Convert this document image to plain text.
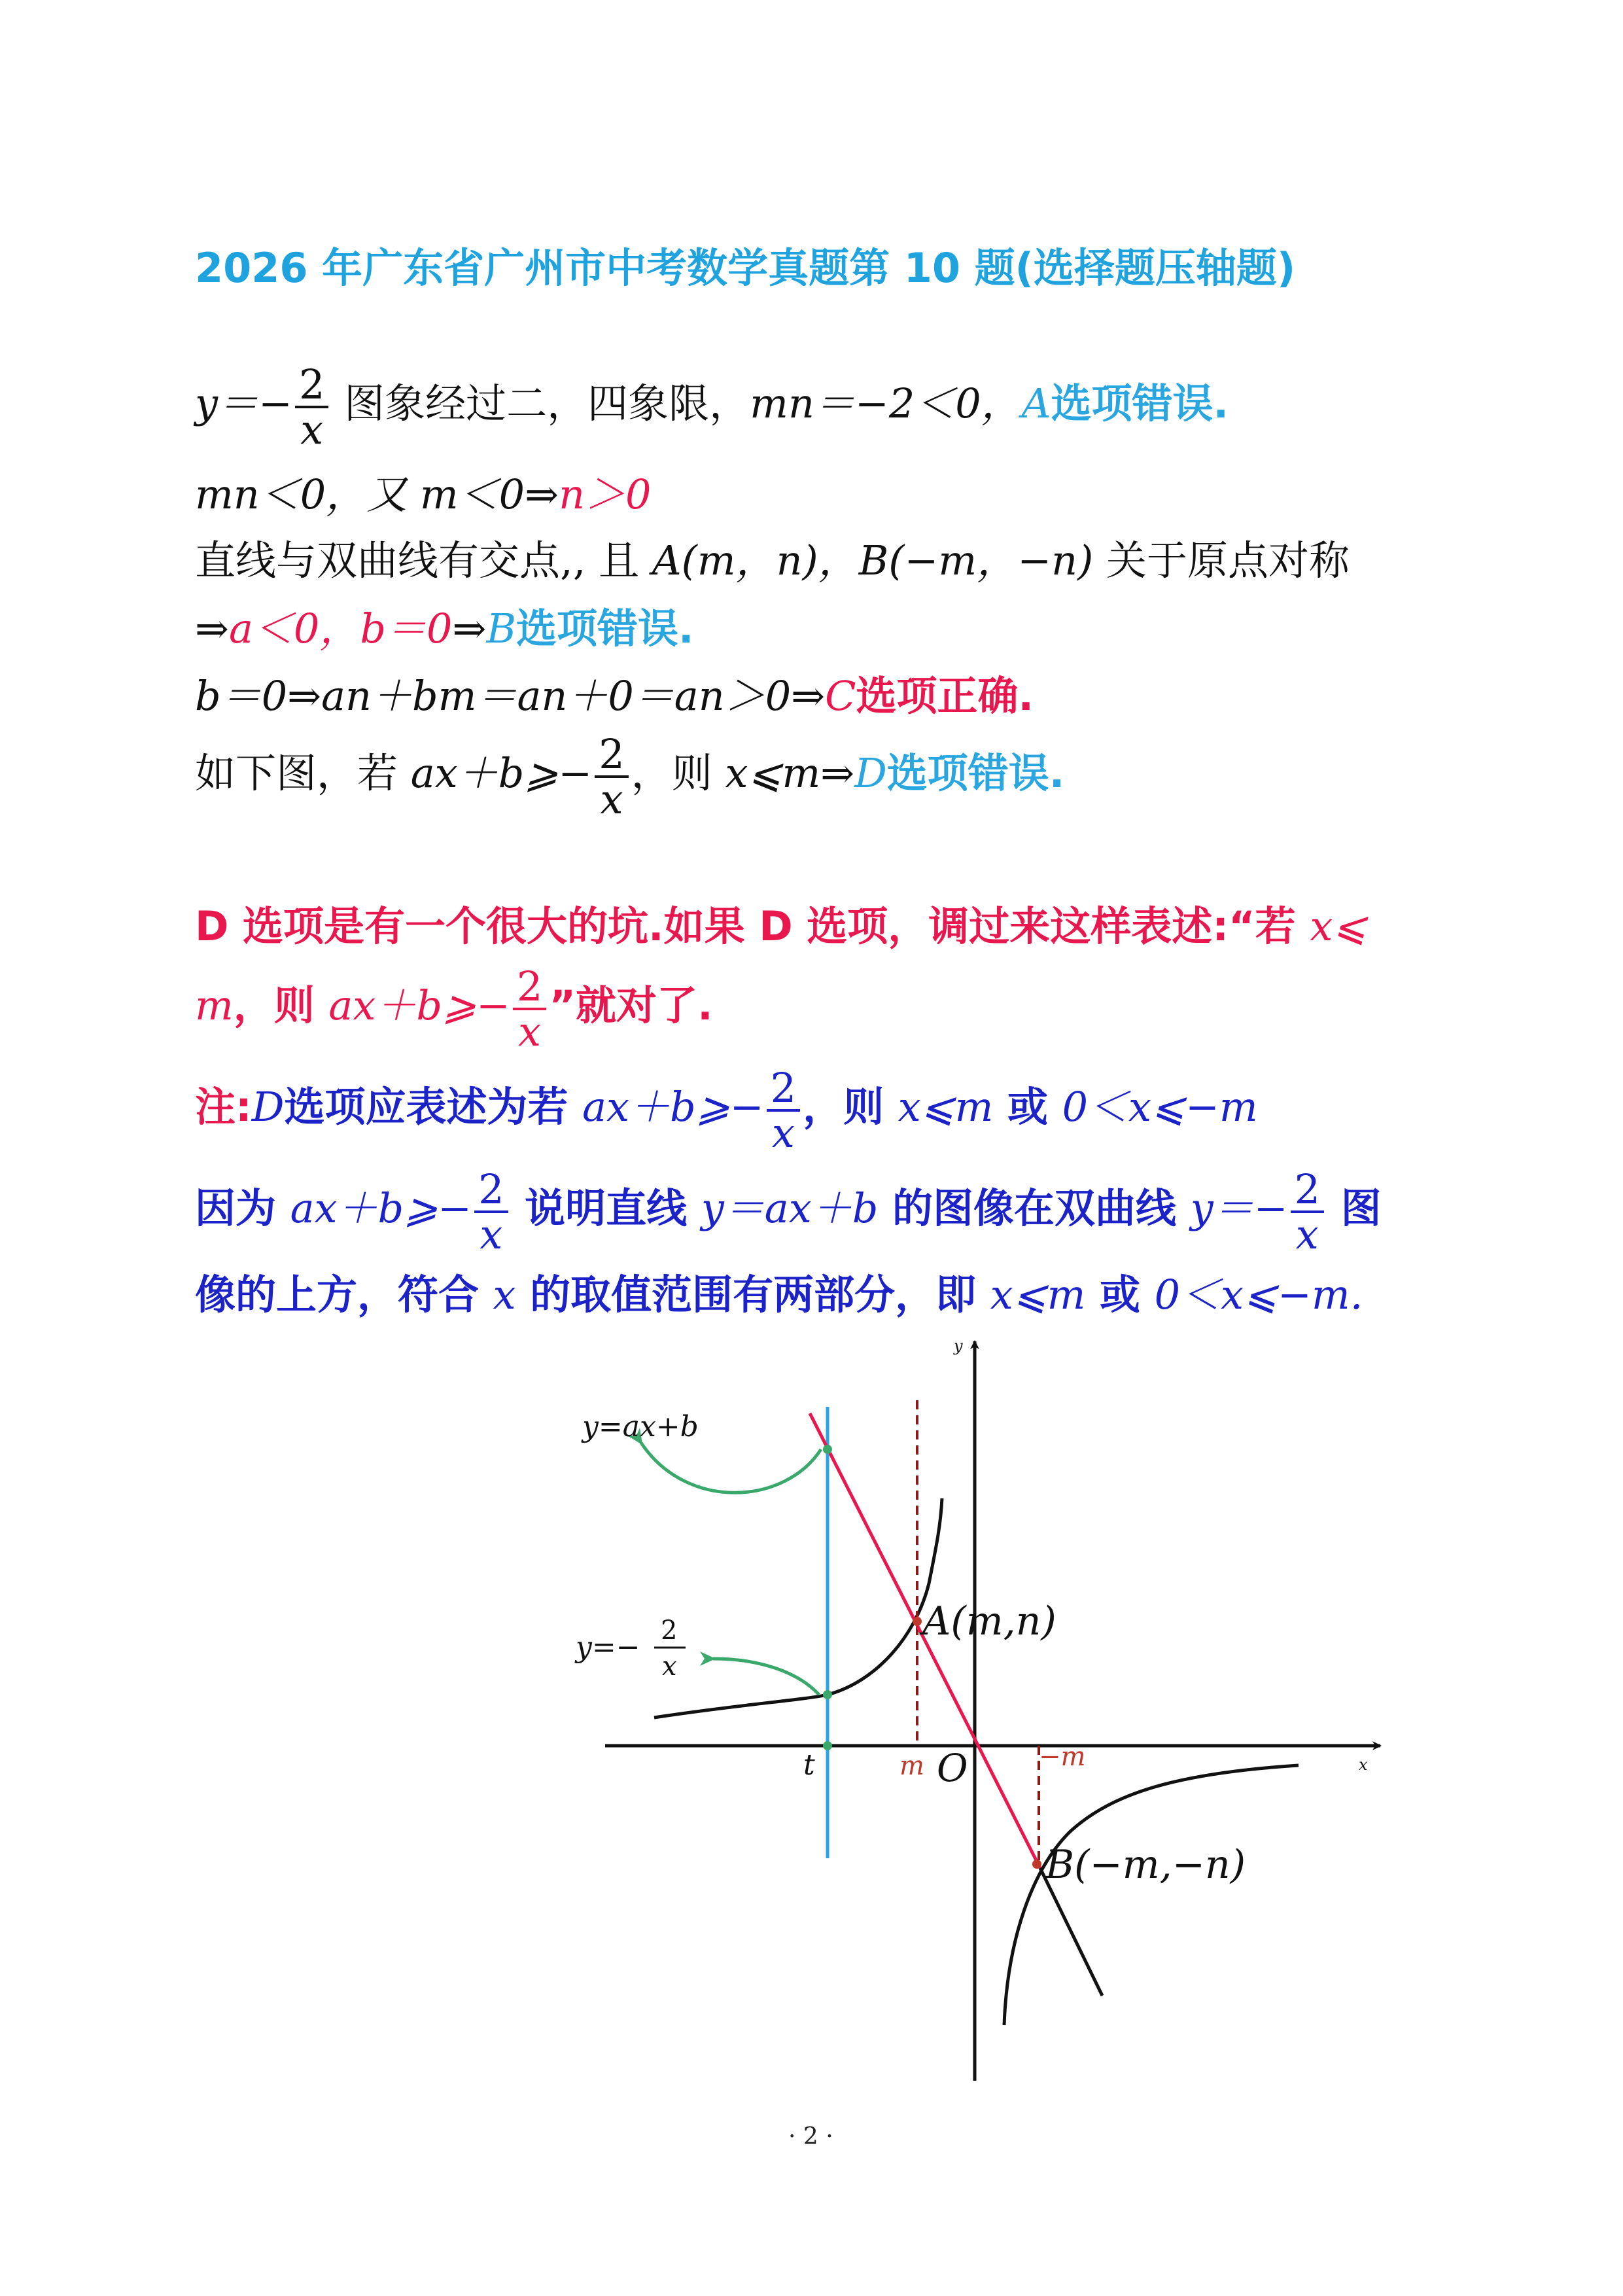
2026 年广东省广州市中考数学真题第 10 题(选择题压轴题)
$y=- \frac{2}{x}$ 图象经过二，四象限，mn＝−2＜0，A选项错误.
mn＜0，又 m＜0⇒n＞0
直线与双曲线有交点,, 且 A(m，n)，B(−m，−n) 关于原点对称
⇒a＜0，b＝0⇒B选项错误.
b＝0⇒an＋bm＝an＋0＝an＞0⇒C选项正确.
如下图，若 ax＋b⩾− $\frac{2}{x}$ ，则 x⩽m⇒D选项错误.
D 选项是有一个很大的坑.如果 D 选项，调过来这样表述:“若 x⩽
m，则 ax＋b⩾− $\frac{2}{x}$ ”就对了.
注:D选项应表述为若 ax＋b⩾− $\frac{2}{x}$ ，则 x⩽m 或 0＜x⩽−m
因为 ax＋b⩾− $\frac{2}{x}$ 说明直线 y＝ax＋b 的图像在双曲线 $y=- \frac{2}{x}$ 图
像的上方，符合 x 的取值范围有两部分，即 x⩽m 或 0＜x⩽−m.
y
x
y=ax+b
y=− 2
x
A(m,n)
B(−m,−n)
O
t	m	−m
· 2 ·
